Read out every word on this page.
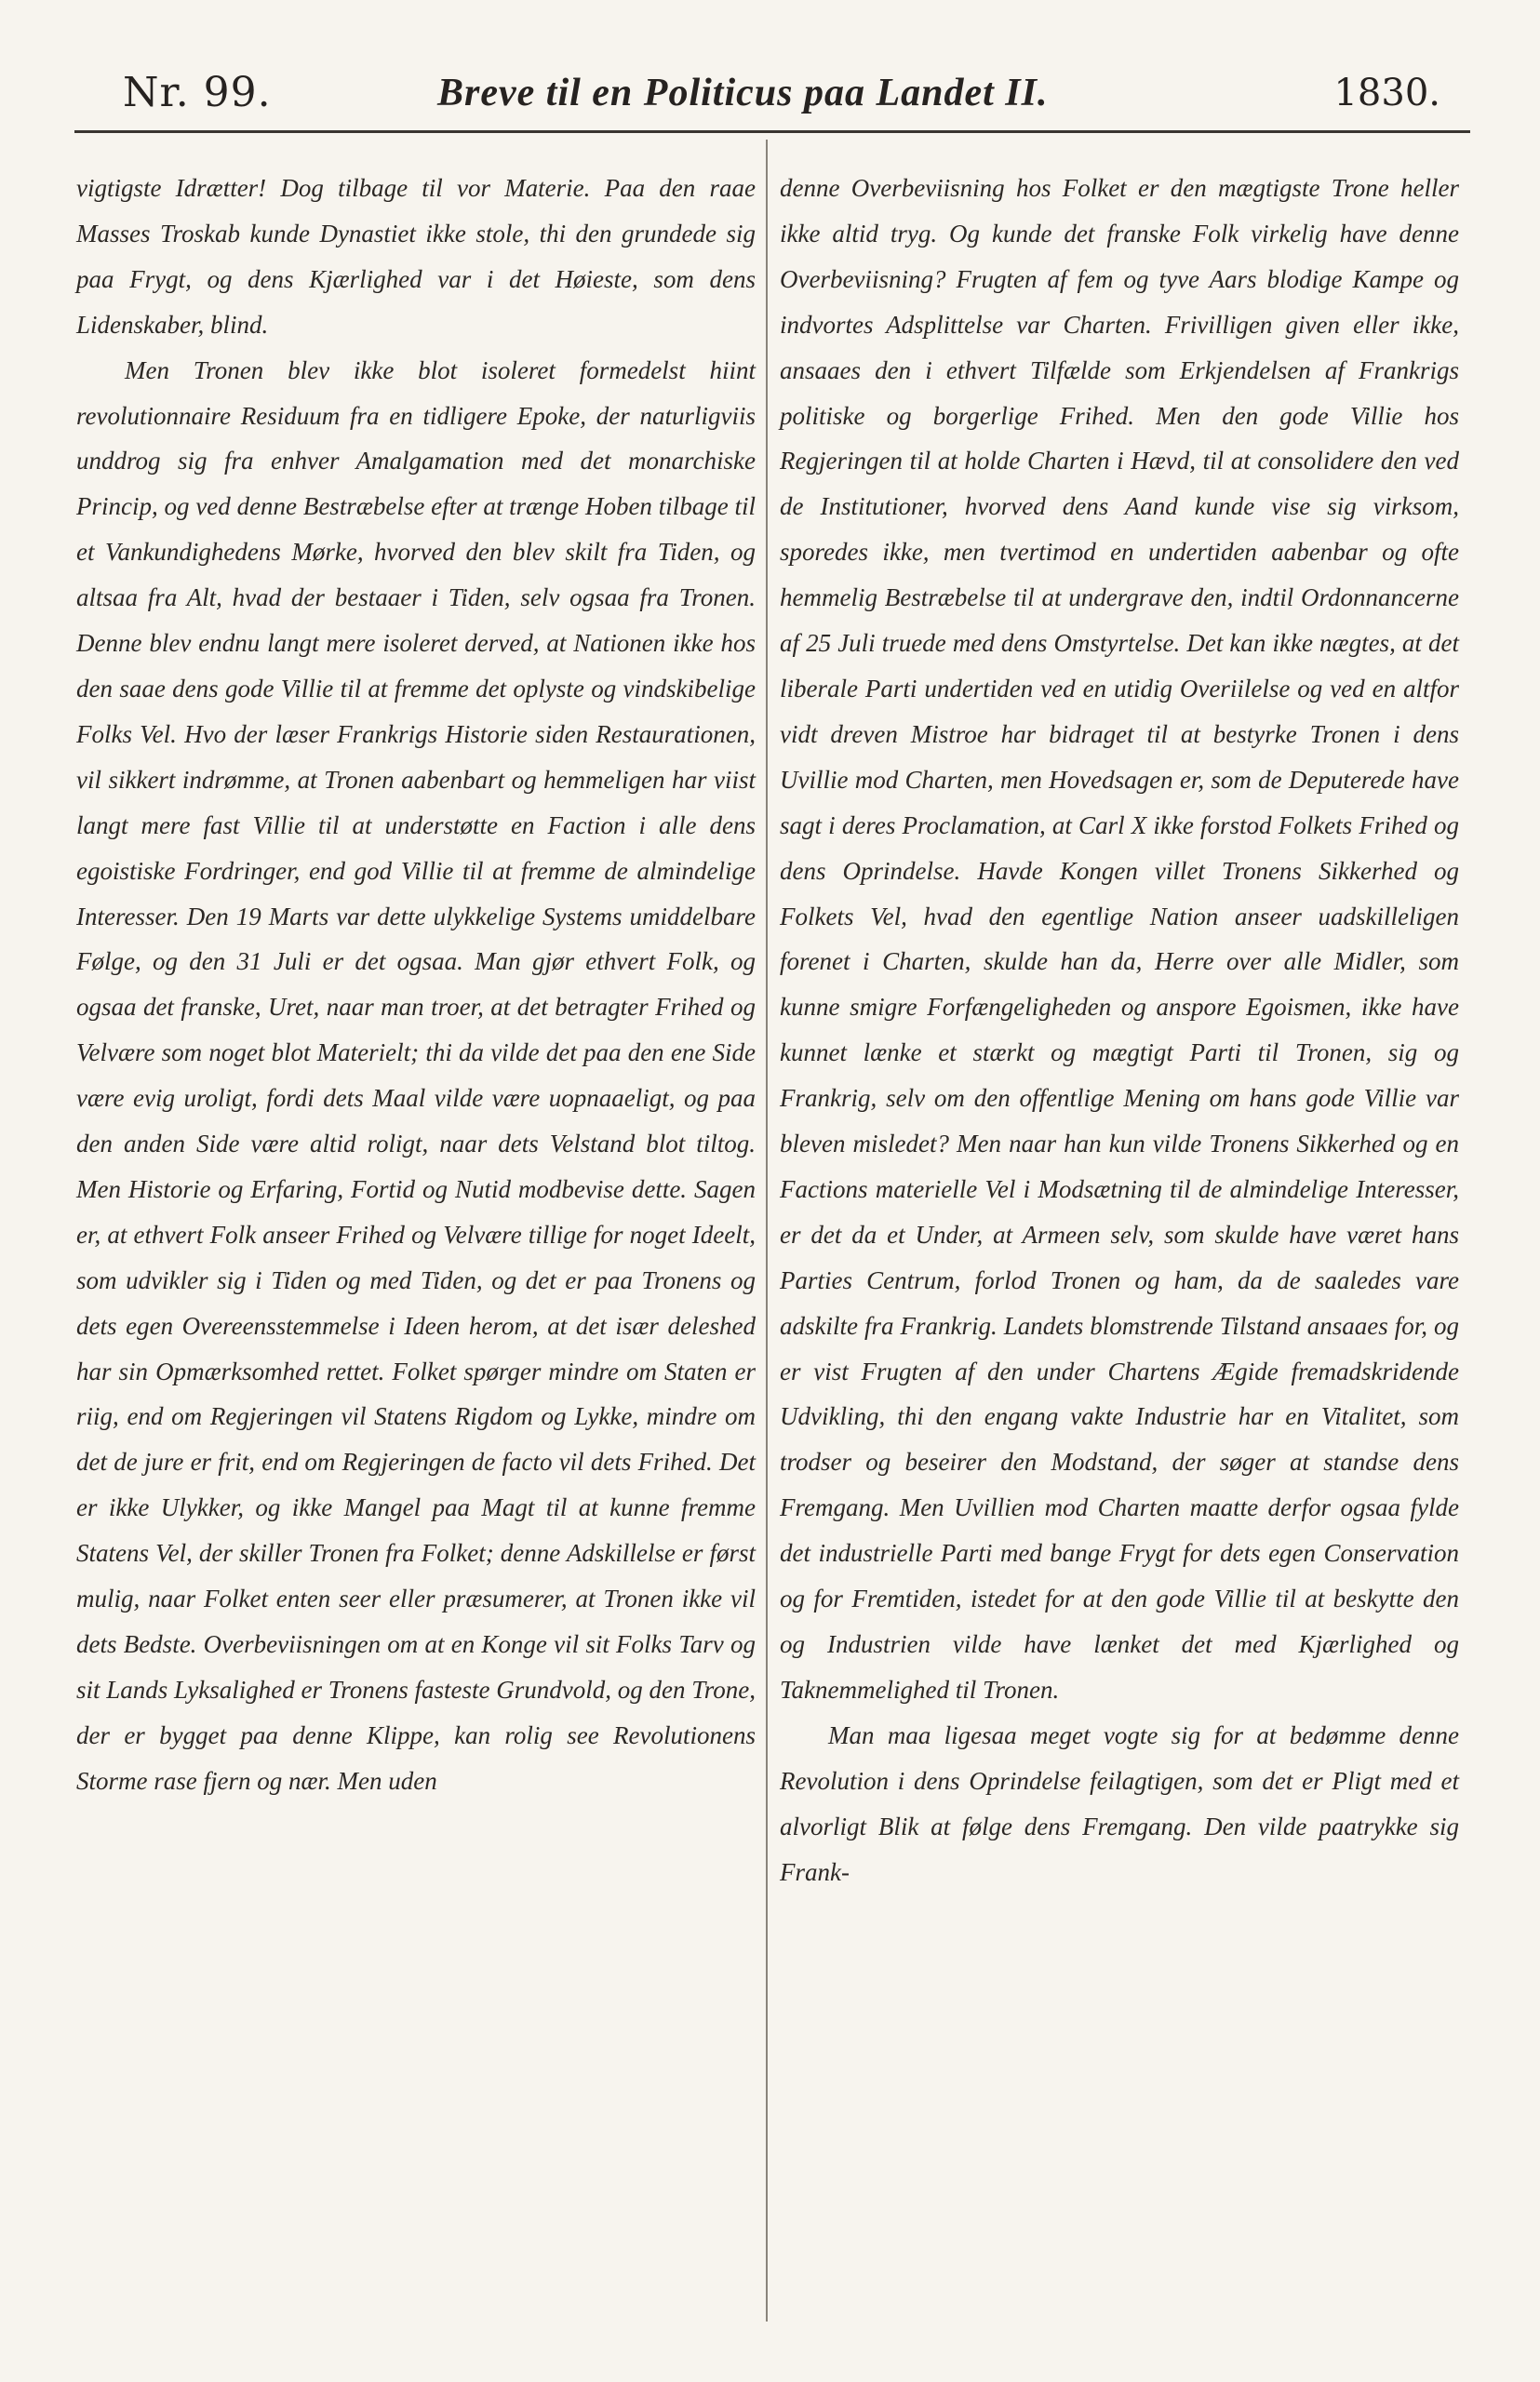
Nr. 99.	Breve til en Politicus paa Landet II.	1830.

vigtigste Idrætter! Dog tilbage til vor Materie. Paa den raae Masses Troskab kunde Dynastiet ikke stole, thi den grundede sig paa Frygt, og dens Kjærlighed var i det Høieste, som dens Lidenskaber, blind.

Men Tronen blev ikke blot isoleret formedelst hiint revolutionnaire Residuum fra en tidligere Epoke, der naturligviis unddrog sig fra enhver Amalgamation med det monarchiske Princip, og ved denne Bestræbelse efter at trænge Hoben tilbage til et Vankundighedens Mørke, hvorved den blev skilt fra Tiden, og altsaa fra Alt, hvad der bestaaer i Tiden, selv ogsaa fra Tronen. Denne blev endnu langt mere isoleret derved, at Nationen ikke hos den saae dens gode Villie til at fremme det oplyste og vindskibelige Folks Vel. Hvo der læser Frankrigs Historie siden Restaurationen, vil sikkert indrømme, at Tronen aabenbart og hemmeligen har viist langt mere fast Villie til at understøtte en Faction i alle dens egoistiske Fordringer, end god Villie til at fremme de almindelige Interesser. Den 19 Marts var dette ulykkelige Systems umiddelbare Følge, og den 31 Juli er det ogsaa. Man gjør ethvert Folk, og ogsaa det franske, Uret, naar man troer, at det betragter Frihed og Velvære som noget blot Materielt; thi da vilde det paa den ene Side være evig uroligt, fordi dets Maal vilde være uopnaaeligt, og paa den anden Side være altid roligt, naar dets Velstand blot tiltog. Men Historie og Erfaring, Fortid og Nutid modbevise dette. Sagen er, at ethvert Folk anseer Frihed og Velvære tillige for noget Ideelt, som udvikler sig i Tiden og med Tiden, og det er paa Tronens og dets egen Overeensstemmelse i Ideen herom, at det især deleshed har sin Opmærksomhed rettet. Folket spørger mindre om Staten er riig, end om Regjeringen vil Statens Rigdom og Lykke, mindre om det de jure er frit, end om Regjeringen de facto vil dets Frihed. Det er ikke Ulykker, og ikke Mangel paa Magt til at kunne fremme Statens Vel, der skiller Tronen fra Folket; denne Adskillelse er først mulig, naar Folket enten seer eller præsumerer, at Tronen ikke vil dets Bedste. Overbeviisningen om at en Konge vil sit Folks Tarv og sit Lands Lyksalighed er Tronens fasteste Grundvold, og den Trone, der er bygget paa denne Klippe, kan rolig see Revolutionens Storme rase fjern og nær. Men uden

denne Overbeviisning hos Folket er den mægtigste Trone heller ikke altid tryg. Og kunde det franske Folk virkelig have denne Overbeviisning? Frugten af fem og tyve Aars blodige Kampe og indvortes Adsplittelse var Charten. Frivilligen given eller ikke, ansaaes den i ethvert Tilfælde som Erkjendelsen af Frankrigs politiske og borgerlige Frihed. Men den gode Villie hos Regjeringen til at holde Charten i Hævd, til at consolidere den ved de Institutioner, hvorved dens Aand kunde vise sig virksom, sporedes ikke, men tvertimod en undertiden aabenbar og ofte hemmelig Bestræbelse til at undergrave den, indtil Ordonnancerne af 25 Juli truede med dens Omstyrtelse. Det kan ikke nægtes, at det liberale Parti undertiden ved en utidig Overiilelse og ved en altfor vidt dreven Mistroe har bidraget til at bestyrke Tronen i dens Uvillie mod Charten, men Hovedsagen er, som de Deputerede have sagt i deres Proclamation, at Carl X ikke forstod Folkets Frihed og dens Oprindelse. Havde Kongen villet Tronens Sikkerhed og Folkets Vel, hvad den egentlige Nation anseer uadskilleligen forenet i Charten, skulde han da, Herre over alle Midler, som kunne smigre Forfængeligheden og anspore Egoismen, ikke have kunnet lænke et stærkt og mægtigt Parti til Tronen, sig og Frankrig, selv om den offentlige Mening om hans gode Villie var bleven misledet? Men naar han kun vilde Tronens Sikkerhed og en Factions materielle Vel i Modsætning til de almindelige Interesser, er det da et Under, at Armeen selv, som skulde have været hans Parties Centrum, forlod Tronen og ham, da de saaledes vare adskilte fra Frankrig. Landets blomstrende Tilstand ansaaes for, og er vist Frugten af den under Chartens Ægide fremadskridende Udvikling, thi den engang vakte Industrie har en Vitalitet, som trodser og beseirer den Modstand, der søger at standse dens Fremgang. Men Uvillien mod Charten maatte derfor ogsaa fylde det industrielle Parti med bange Frygt for dets egen Conservation og for Fremtiden, istedet for at den gode Villie til at beskytte den og Industrien vilde have lænket det med Kjærlighed og Taknemmelighed til Tronen.

Man maa ligesaa meget vogte sig for at bedømme denne Revolution i dens Oprindelse feilagtigen, som det er Pligt med et alvorligt Blik at følge dens Fremgang. Den vilde paatrykke sig Frank-
